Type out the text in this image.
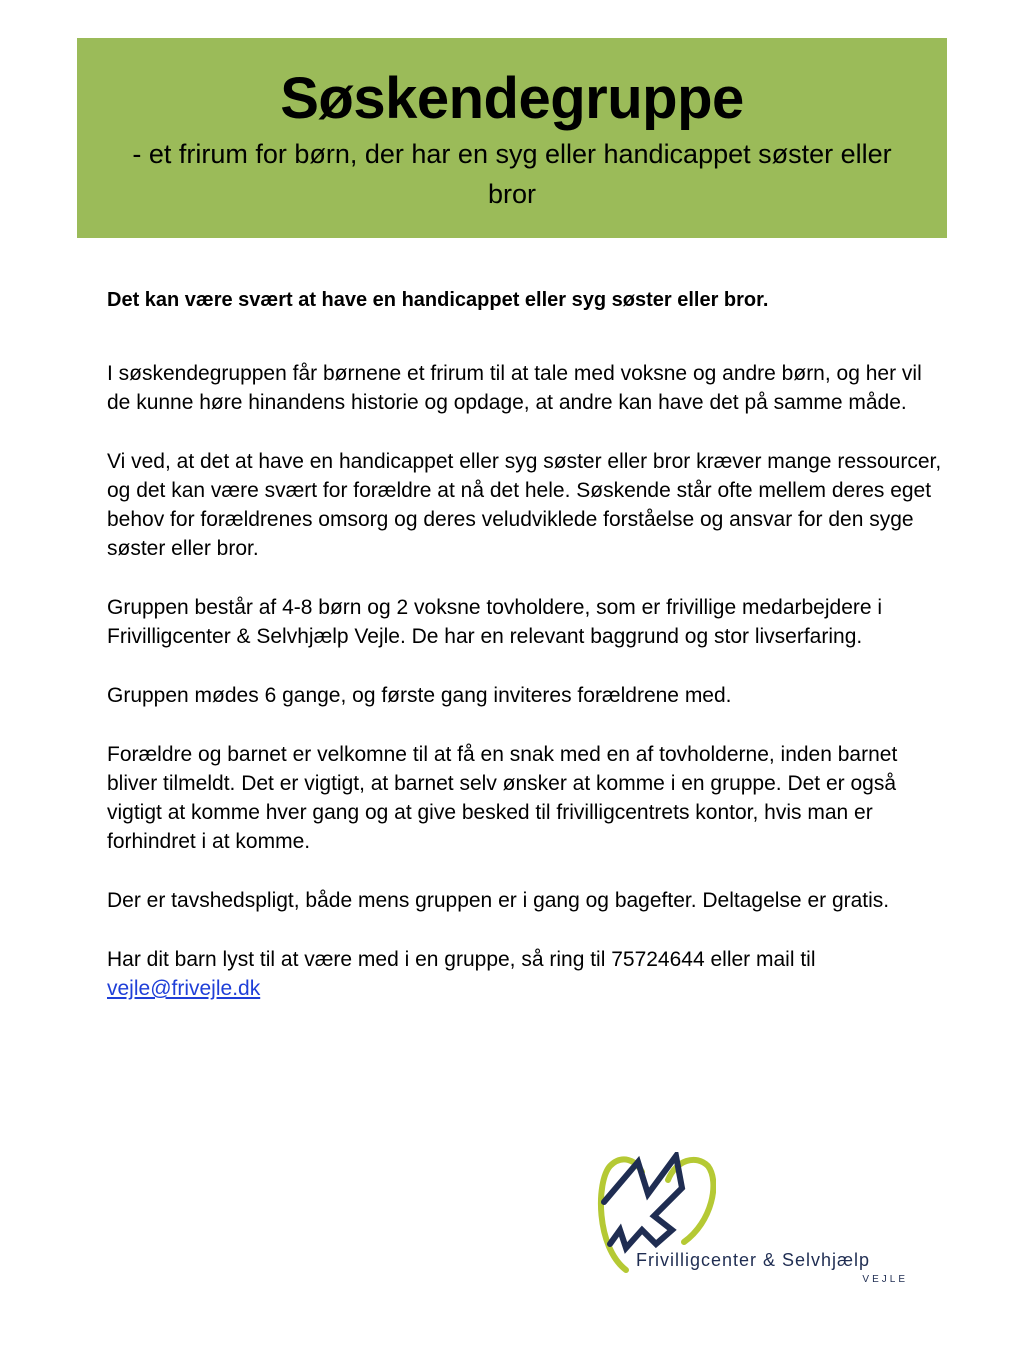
Søskendegruppe
- et frirum for børn, der har en syg eller handicappet søster eller bror

Det kan være svært at have en handicappet eller syg søster eller bror.

I søskendegruppen får børnene et frirum til at tale med voksne og andre børn, og her vil de kunne høre hinandens historie og opdage, at andre kan have det på samme måde.

Vi ved, at det at have en handicappet eller syg søster eller bror kræver mange ressourcer, og det kan være svært for forældre at nå det hele. Søskende står ofte mellem deres eget behov for forældrenes omsorg og deres veludviklede forståelse og ansvar for den syge søster eller bror.

Gruppen består af 4-8 børn og 2 voksne tovholdere, som er frivillige medarbejdere i Frivilligcenter & Selvhjælp Vejle. De har en relevant baggrund og stor livserfaring.

Gruppen mødes 6 gange, og første gang inviteres forældrene med.

Forældre og barnet er velkomne til at få en snak med en af tovholderne, inden barnet bliver tilmeldt. Det er vigtigt, at barnet selv ønsker at komme i en gruppe. Det er også vigtigt at komme hver gang og at give besked til frivilligcentrets kontor, hvis man er forhindret i at komme.

Der er tavshedspligt, både mens gruppen er i gang og bagefter. Deltagelse er gratis.

Har dit barn lyst til at være med i en gruppe, så ring til 75724644 eller mail til vejle@frivejle.dk

Frivilligcenter & Selvhjælp
VEJLE
